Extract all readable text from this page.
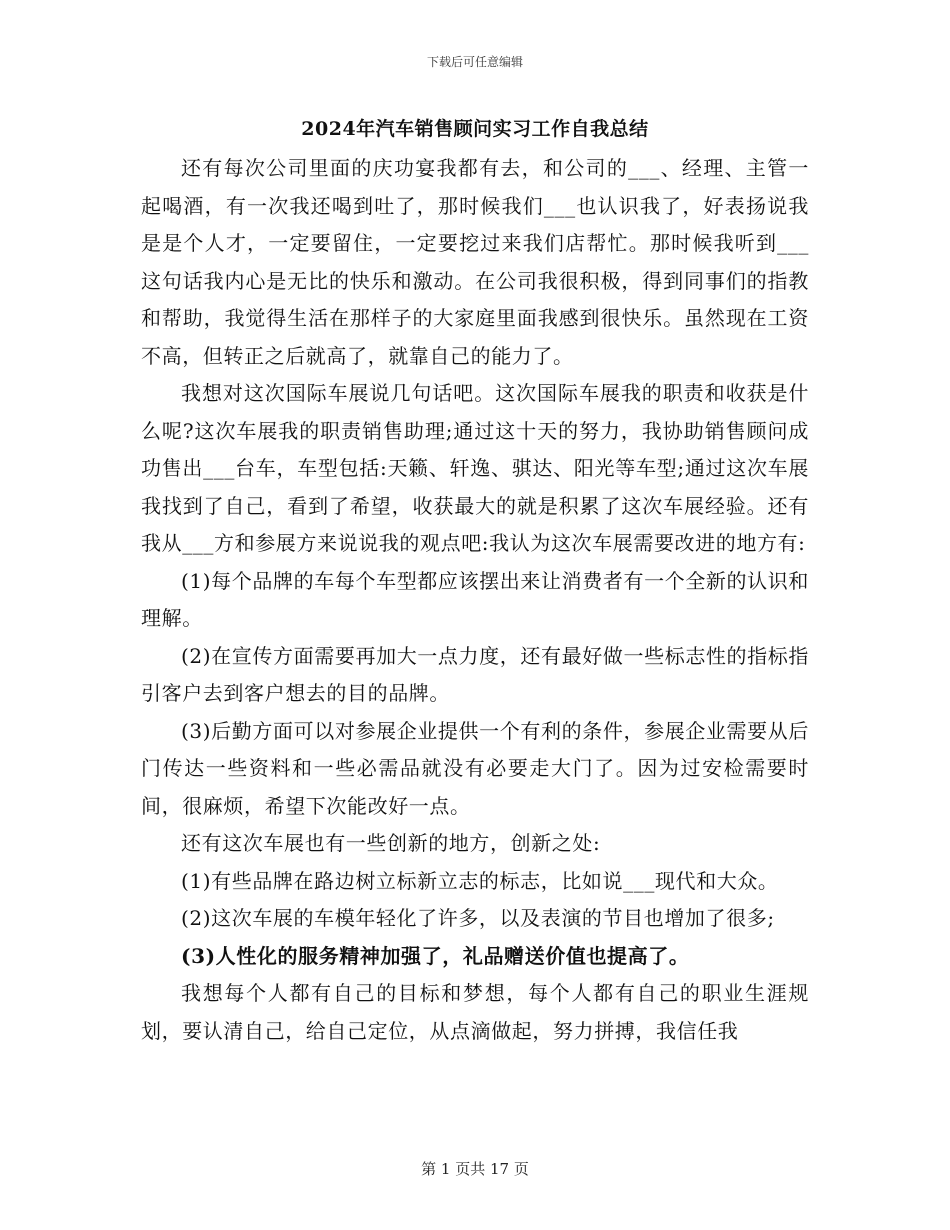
下载后可任意编辑
2024年汽车销售顾问实习工作自我总结

还有每次公司里面的庆功宴我都有去，和公司的___、经理、主管一起喝酒，有一次我还喝到吐了，那时候我们___也认识我了，好表扬说我是是个人才，一定要留住，一定要挖过来我们店帮忙。那时候我听到___这句话我内心是无比的快乐和激动。在公司我很积极，得到同事们的指教和帮助，我觉得生活在那样子的大家庭里面我感到很快乐。虽然现在工资不高，但转正之后就高了，就靠自己的能力了。

我想对这次国际车展说几句话吧。这次国际车展我的职责和收获是什么呢?这次车展我的职责销售助理;通过这十天的努力，我协助销售顾问成功售出___台车，车型包括:天籁、轩逸、骐达、阳光等车型;通过这次车展我找到了自己，看到了希望，收获最大的就是积累了这次车展经验。还有我从___方和参展方来说说我的观点吧:我认为这次车展需要改进的地方有:

(1)每个品牌的车每个车型都应该摆出来让消费者有一个全新的认识和理解。

(2)在宣传方面需要再加大一点力度，还有最好做一些标志性的指标指引客户去到客户想去的目的品牌。

(3)后勤方面可以对参展企业提供一个有利的条件，参展企业需要从后门传达一些资料和一些必需品就没有必要走大门了。因为过安检需要时间，很麻烦，希望下次能改好一点。

还有这次车展也有一些创新的地方，创新之处:

(1)有些品牌在路边树立标新立志的标志，比如说___现代和大众。

(2)这次车展的车模年轻化了许多，以及表演的节目也增加了很多;

(3)人性化的服务精神加强了，礼品赠送价值也提高了。

我想每个人都有自己的目标和梦想，每个人都有自己的职业生涯规划，要认清自己，给自己定位，从点滴做起，努力拼搏，我信任我

第 1 页共 17 页
